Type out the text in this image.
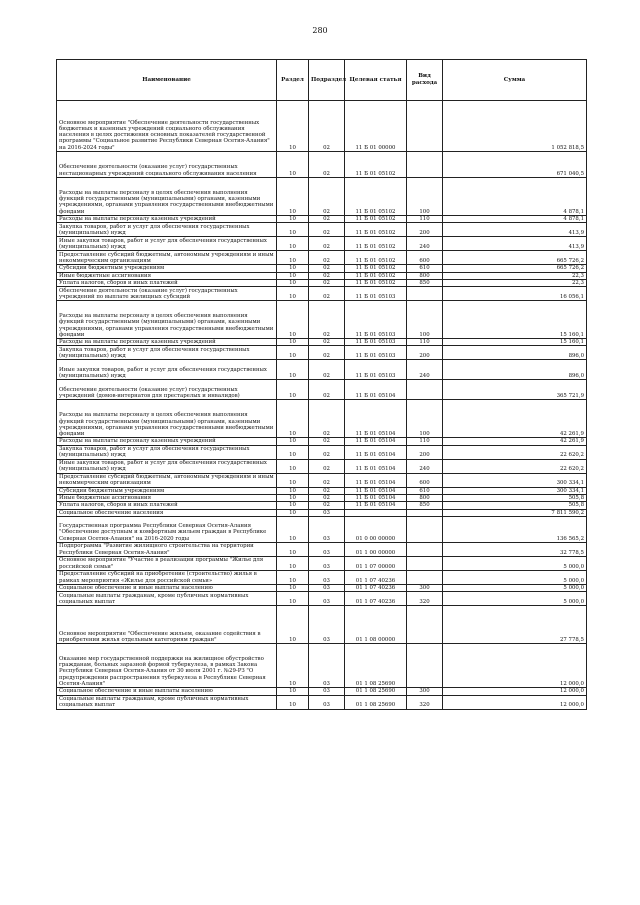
280
Наименование	Раздел	Подраздел	Целевая статья	Вид расхода	Сумма
Основное мероприятие "Обеспечение деятельности государственных бюджетных и казенных учреждений социального обслуживания населения в целях достижения основных показателей государственной программы "Социальное развитие Республики Северная Осетия-Алания" на 2016-2024 годы"	10	02	11 Б 01 00000		1 052 818,5
Обеспечение деятельности (оказание услуг) государственных нестационарных учреждений социального обслуживания населения	10	02	11 Б 01 05102		671 040,5
Расходы на выплаты персоналу в целях обеспечения выполнения функций государственными (муниципальными) органами, казенными учреждениями, органами управления государственными внебюджетными фондами	10	02	11 Б 01 05102	100	4 878,1
Расходы на выплаты персоналу казенных учреждений	10	02	11 Б 01 05102	110	4 878,1
Закупка товаров, работ и услуг для обеспечения государственных (муниципальных) нужд	10	02	11 Б 01 05102	200	413,9
Иные закупки товаров, работ и услуг для обеспечения государственных (муниципальных) нужд	10	02	11 Б 01 05102	240	413,9
Предоставление субсидий бюджетным, автономным учреждениям и иным некоммерческим организациям	10	02	11 Б 01 05102	600	665 726,2
Субсидии бюджетным учреждениям	10	02	11 Б 01 05102	610	665 726,2
Иные бюджетные ассигнования	10	02	11 Б 01 05102	800	22,3
Уплата налогов, сборов и иных платежей	10	02	11 Б 01 05102	850	22,3
Обеспечение деятельности (оказание услуг) государственных учреждений по выплате жилищных субсидий	10	02	11 Б 01 05103		16 056,1
Расходы на выплаты персоналу в целях обеспечения выполнения функций государственными (муниципальными) органами, казенными учреждениями, органами управления государственными внебюджетными фондами	10	02	11 Б 01 05103	100	15 160,1
Расходы на выплаты персоналу казенных учреждений	10	02	11 Б 01 05103	110	15 160,1
Закупка товаров, работ и услуг для обеспечения государственных (муниципальных) нужд	10	02	11 Б 01 05103	200	896,0
Иные закупки товаров, работ и услуг для обеспечения государственных (муниципальных) нужд	10	02	11 Б 01 05103	240	896,0
Обеспечение деятельности (оказание услуг) государственных учреждений (домов-интернатов для престарелых и инвалидов)	10	02	11 Б 01 05104		365 721,9
Расходы на выплаты персоналу в целях обеспечения выполнения функций государственными (муниципальными) органами, казенными учреждениями, органами управления государственными внебюджетными фондами	10	02	11 Б 01 05104	100	42 261,9
Расходы на выплаты персоналу казенных учреждений	10	02	11 Б 01 05104	110	42 261,9
Закупка товаров, работ и услуг для обеспечения государственных (муниципальных) нужд	10	02	11 Б 01 05104	200	22 620,2
Иные закупки товаров, работ и услуг для обеспечения государственных (муниципальных) нужд	10	02	11 Б 01 05104	240	22 620,2
Предоставление субсидий бюджетным, автономным учреждениям и иным некоммерческим организациям	10	02	11 Б 01 05104	600	300 334,1
Субсидии бюджетным учреждениям	10	02	11 Б 01 05104	610	300 334,1
Иные бюджетные ассигнования	10	02	11 Б 01 05104	800	505,8
Уплата налогов, сборов и иных платежей	10	02	11 Б 01 05104	850	505,8
Социальное обеспечение населения	10	03			7 811 590,2
Государственная программа Республики Северная Осетия-Алания "Обеспечение доступным и комфортным жильем граждан в Республике Северная Осетия-Алания" на 2016-2020 годы	10	03	01 0 00 00000		136 565,2
Подпрограмма "Развитие жилищного строительства на территории Республики Северная Осетия-Алания"	10	03	01 1 00 00000		32 778,5
Основное мероприятие "Участие в реализации программы "Жилье для российской семьи"	10	03	01 1 07 00000		5 000,0
Предоставление субсидий на приобретение (строительство) жилья в рамках мероприятия «Жилье для российской семьи»	10	03	01 1 07 40236		5 000,0
Социальное обеспечение и иные выплаты населению	10	03	01 1 07 40236	300	5 000,0
Социальные выплаты гражданам, кроме публичных нормативных социальных выплат	10	03	01 1 07 40236	320	5 000,0
Основное мероприятие "Обеспечение жильем, оказание содействия в приобретении жилья отдельным категориям граждан"	10	03	01 1 08 00000		27 778,5
Оказание мер государственной поддержки на жилищное обустройство гражданам, больных заразной формой туберкулеза, в рамках Закона Республики Северная Осетия-Алания от 30 июля 2001 г. №29-РЗ "О предупреждении распространения туберкулеза в Республике Северная Осетия-Алания"	10	03	01 1 08 25690		12 000,0
Социальное обеспечение и иные выплаты населению	10	03	01 1 08 25690	300	12 000,0
Социальные выплаты гражданам, кроме публичных нормативных социальных выплат	10	03	01 1 08 25690	320	12 000,0
